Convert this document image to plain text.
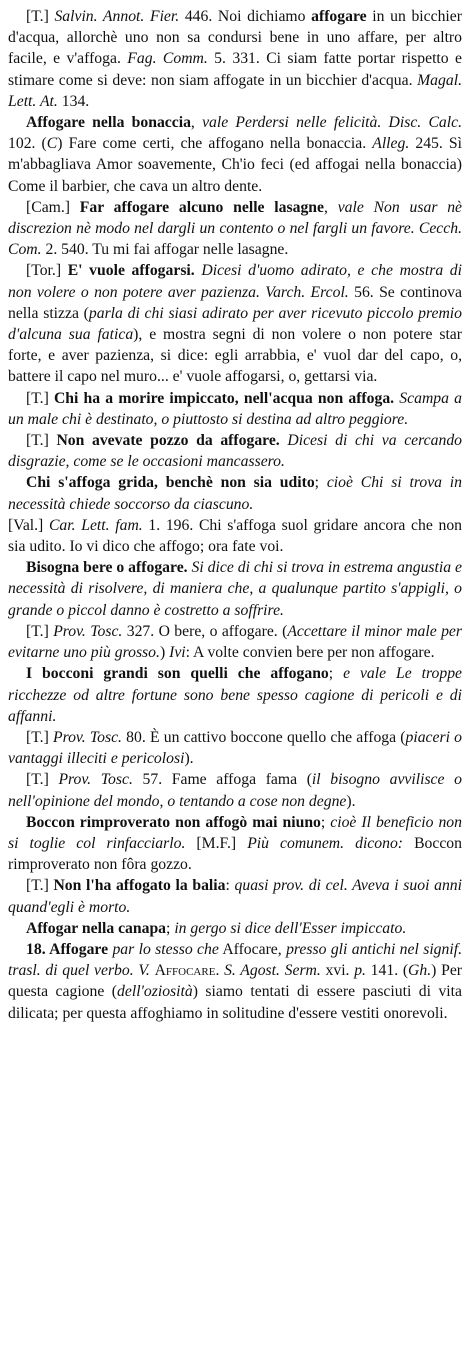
[T.] Salvin. Annot. Fier. 446. Noi dichiamo affogare in un bicchier d'acqua, allorchè uno non sa condursi bene in uno affare, per altro facile, e v'affoga. Fag. Comm. 5. 331. Ci siam fatte portar rispetto e stimare come si deve: non siam affogate in un bicchier d'acqua. Magal. Lett. At. 134.

Affogare nella bonaccia, vale Perdersi nelle felicità. Disc. Calc. 102. (C) Fare come certi, che affogano nella bonaccia. Alleg. 245. Sì m'abbagliava Amor soavemente, Ch'io feci (ed affogai nella bonaccia) Come il barbier, che cava un altro dente.

[Cam.] Far affogare alcuno nelle lasagne, vale Non usar nè discrezion nè modo nel dargli un contento o nel fargli un favore. Cecch. Com. 2. 540. Tu mi fai affogar nelle lasagne.

[Tor.] E' vuole affogarsi. Dicesi d'uomo adirato, e che mostra di non volere o non potere aver pazienza. Varch. Ercol. 56. Se continova nella stizza (parla di chi siasi adirato per aver ricevuto piccolo premio d'alcuna sua fatica), e mostra segni di non volere o non potere star forte, e aver pazienza, si dice: egli arrabbia, e' vuol dar del capo, o, battere il capo nel muro... e' vuole affogarsi, o, gettarsi via.

[T.] Chi ha a morire impiccato, nell'acqua non affoga. Scampa a un male chi è destinato, o piuttosto si destina ad altro peggiore.

[T.] Non avevate pozzo da affogare. Dicesi di chi va cercando disgrazie, come se le occasioni mancassero.

Chi s'affoga grida, benchè non sia udito; cioè Chi si trova in necessità chiede soccorso da ciascuno.

[Val.] Car. Lett. fam. 1. 196. Chi s'affoga suol gridare ancora che non sia udito. Io vi dico che affogo; ora fate voi.

Bisogna bere o affogare. Si dice di chi si trova in estrema angustia e necessità di risolvere, di maniera che, a qualunque partito s'appigli, o grande o piccol danno è costretto a soffrire.

[T.] Prov. Tosc. 327. O bere, o affogare. (Accettare il minor male per evitarne uno più grosso.) Ivi: A volte convien bere per non affogare.

I bocconi grandi son quelli che affogano; e vale Le troppe ricchezze od altre fortune sono bene spesso cagione di pericoli e di affanni.

[T.] Prov. Tosc. 80. È un cattivo boccone quello che affoga (piaceri o vantaggi illeciti e pericolosi).

[T.] Prov. Tosc. 57. Fame affoga fama (il bisogno avvilisce o nell'opinione del mondo, o tentando a cose non degne).

Boccon rimproverato non affogò mai niuno; cioè Il beneficio non si toglie col rinfacciarlo. [M.F.] Più comunem. dicono: Boccon rimproverato non fôra gozzo.

[T.] Non l'ha affogato la balia: quasi prov. di cel. Aveva i suoi anni quand'egli è morto.

Affogar nella canapa; in gergo si dice dell'Esser impiccato.

18. Affogare par lo stesso che Affocare, presso gli antichi nel signif. trasl. di quel verbo. V. Affocare. S. Agost. Serm. xvi. p. 141. (Gh.) Per questa cagione (dell'oziosità) siamo tentati di essere pasciuti di vita dilicata; per questa affoghiamo in solitudine d'essere vestiti onorevoli.
